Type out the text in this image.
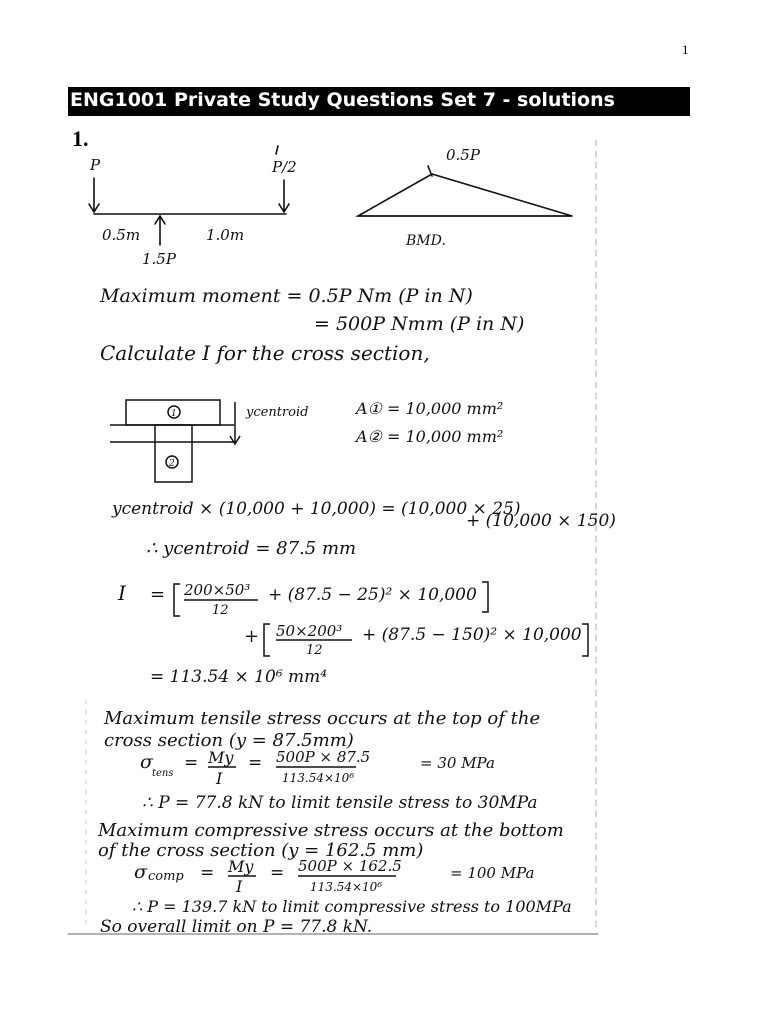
1
ENG1001 Private Study Questions Set 7 - solutions
1.
P	P/2
0.5m	1.0m
1.5P
0.5P
BMD.
Maximum moment = 0.5P Nm (P in N)
= 500P Nmm (P in N)
Calculate I for the cross section,
1
2
ycentroid	A① = 10,000 mm²
A② = 10,000 mm²
ycentroid × (10,000 + 10,000) = (10,000 × 25)
+ (10,000 × 150)
∴ ycentroid = 87.5 mm
I = 200×50³
12
+ (87.5 − 25)² × 10,000
+ 50×200³
12
+ (87.5 − 150)² × 10,000
= 113.54 × 10⁶ mm⁴
Maximum tensile stress occurs at the top of the
cross section (y = 87.5mm)
σ
tens
= My
I
= 500P × 87.5
113.54×10⁶
= 30 MPa
∴ P = 77.8 kN to limit tensile stress to 30MPa
Maximum compressive stress occurs at the bottom
of the cross section (y = 162.5 mm)
σ comp = My
I
= 500P × 162.5
113.54×10⁶
= 100 MPa
∴ P = 139.7 kN to limit compressive stress to 100MPa
So overall limit on P = 77.8 kN.
